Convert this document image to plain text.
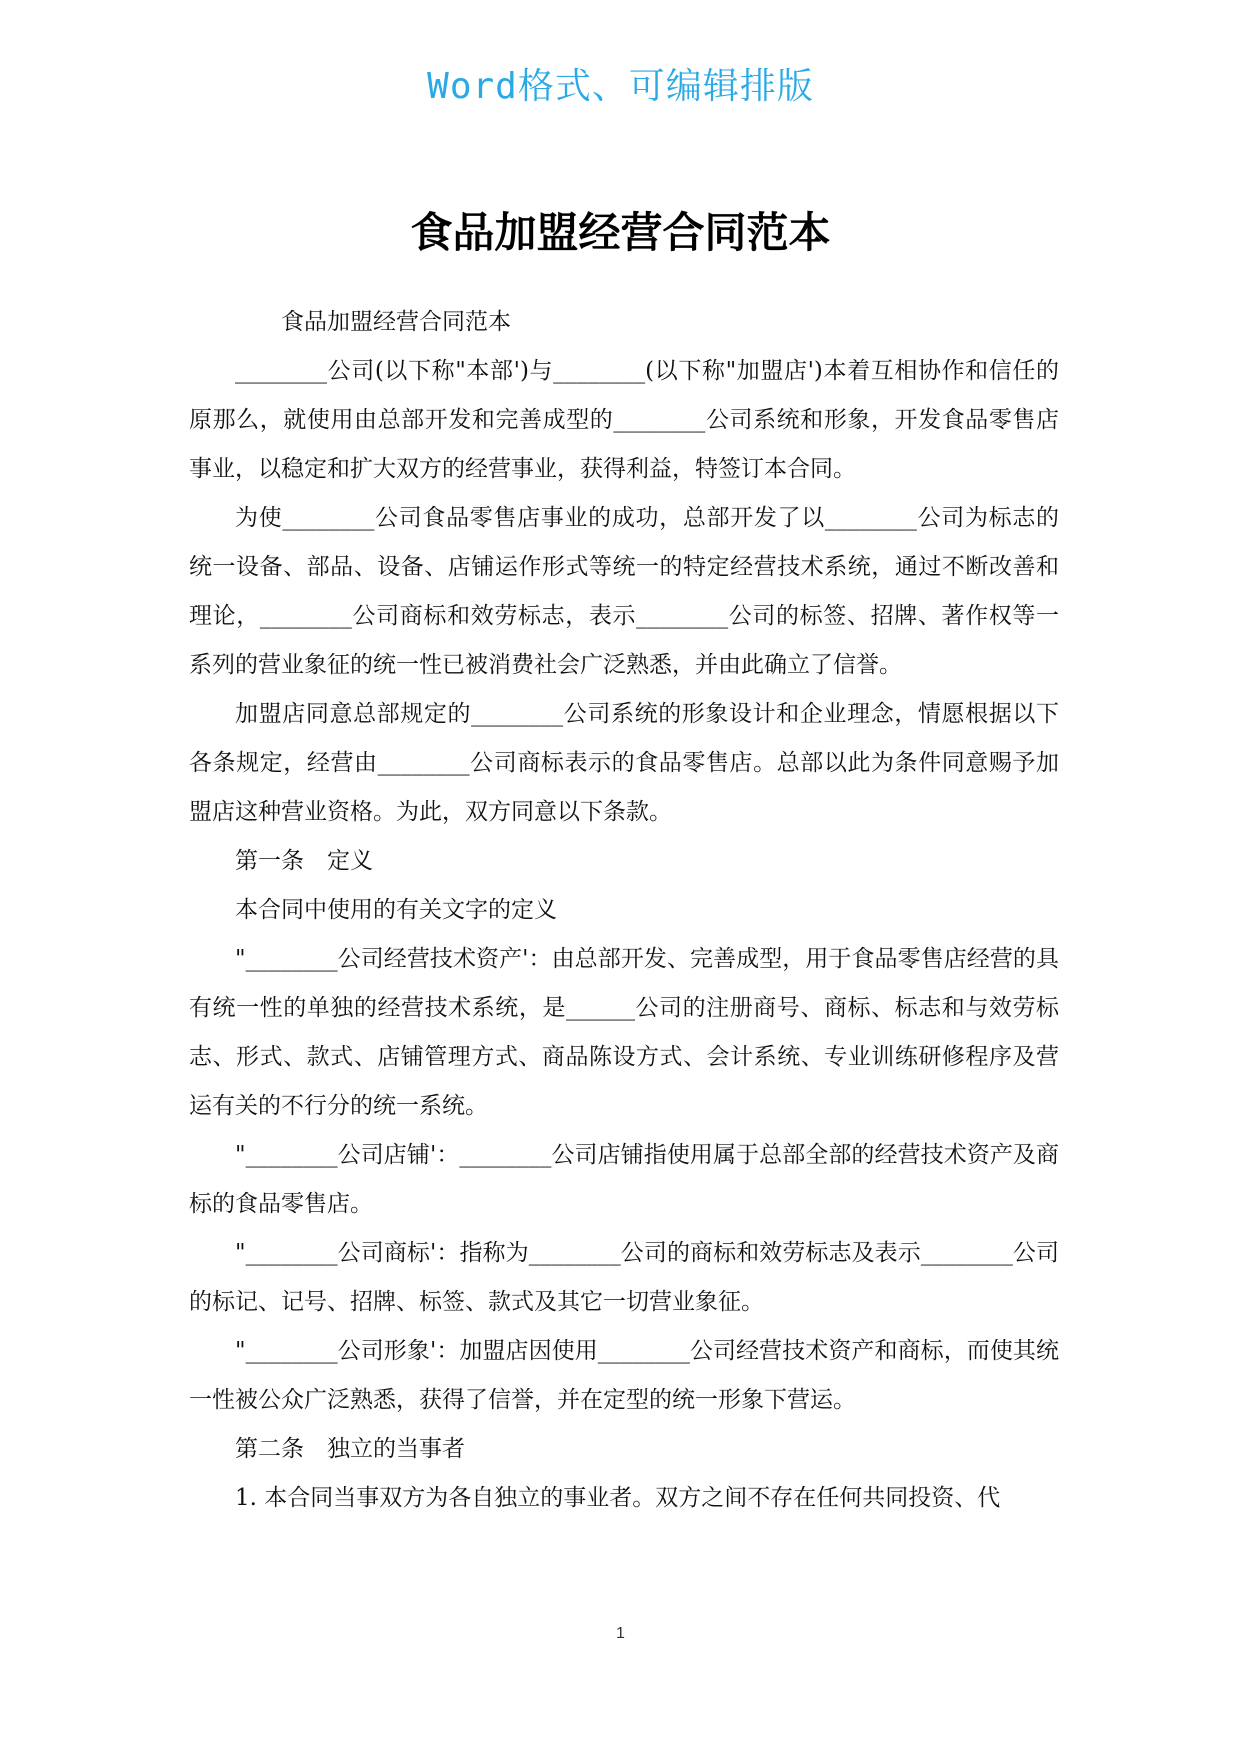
Word格式、可编辑排版
食品加盟经营合同范本

食品加盟经营合同范本

________公司(以下称"本部')与________(以下称"加盟店')本着互相协作和信任的原那么，就使用由总部开发和完善成型的________公司系统和形象，开发食品零售店事业，以稳定和扩大双方的经营事业，获得利益，特签订本合同。

为使________公司食品零售店事业的成功，总部开发了以________公司为标志的统一设备、部品、设备、店铺运作形式等统一的特定经营技术系统，通过不断改善和理论，________公司商标和效劳标志，表示________公司的标签、招牌、著作权等一系列的营业象征的统一性已被消费社会广泛熟悉，并由此确立了信誉。

加盟店同意总部规定的________公司系统的形象设计和企业理念，情愿根据以下各条规定，经营由________公司商标表示的食品零售店。总部以此为条件同意赐予加盟店这种营业资格。为此，双方同意以下条款。

第一条　定义

本合同中使用的有关文字的定义

"________公司经营技术资产'：由总部开发、完善成型，用于食品零售店经营的具有统一性的单独的经营技术系统，是______公司的注册商号、商标、标志和与效劳标志、形式、款式、店铺管理方式、商品陈设方式、会计系统、专业训练研修程序及营运有关的不行分的统一系统。

"________公司店铺'：________公司店铺指使用属于总部全部的经营技术资产及商标的食品零售店。

"________公司商标'：指称为________公司的商标和效劳标志及表示________公司的标记、记号、招牌、标签、款式及其它一切营业象征。

"________公司形象'：加盟店因使用________公司经营技术资产和商标，而使其统一性被公众广泛熟悉，获得了信誉，并在定型的统一形象下营运。

第二条　独立的当事者

1. 本合同当事双方为各自独立的事业者。双方之间不存在任何共同投资、代

1
